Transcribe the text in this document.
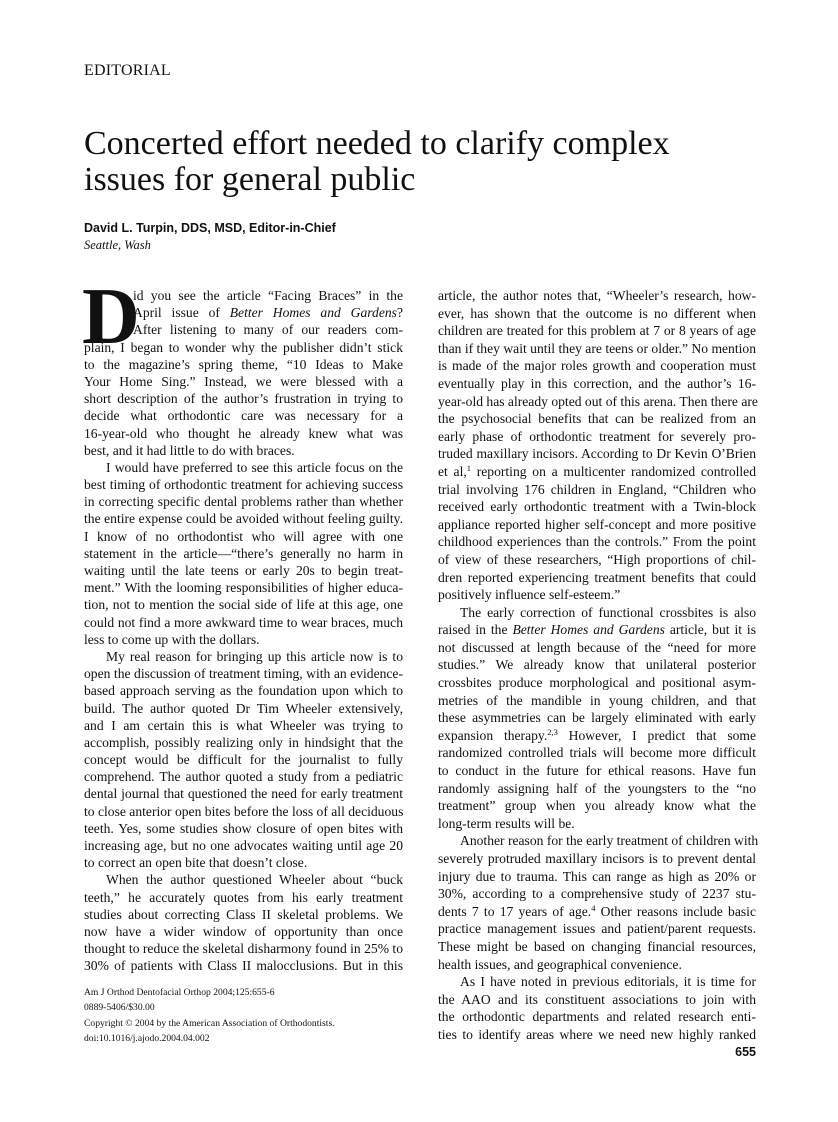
EDITORIAL
Concerted effort needed to clarify complex
issues for general public
David L. Turpin, DDS, MSD, Editor-in-Chief
Seattle, Wash
D
id you see the article “Facing Braces” in the
April issue of Better Homes and Gardens?
After listening to many of our readers com-
plain, I began to wonder why the publisher didn’t stick
to the magazine’s spring theme, “10 Ideas to Make
Your Home Sing.” Instead, we were blessed with a
short description of the author’s frustration in trying to
decide what orthodontic care was necessary for a
16-year-old who thought he already knew what was
best, and it had little to do with braces.
I would have preferred to see this article focus on the
best timing of orthodontic treatment for achieving success
in correcting specific dental problems rather than whether
the entire expense could be avoided without feeling guilty.
I know of no orthodontist who will agree with one
statement in the article—“there’s generally no harm in
waiting until the late teens or early 20s to begin treat-
ment.” With the looming responsibilities of higher educa-
tion, not to mention the social side of life at this age, one
could not find a more awkward time to wear braces, much
less to come up with the dollars.
My real reason for bringing up this article now is to
open the discussion of treatment timing, with an evidence-
based approach serving as the foundation upon which to
build. The author quoted Dr Tim Wheeler extensively,
and I am certain this is what Wheeler was trying to
accomplish, possibly realizing only in hindsight that the
concept would be difficult for the journalist to fully
comprehend. The author quoted a study from a pediatric
dental journal that questioned the need for early treatment
to close anterior open bites before the loss of all deciduous
teeth. Yes, some studies show closure of open bites with
increasing age, but no one advocates waiting until age 20
to correct an open bite that doesn’t close.
When the author questioned Wheeler about “buck
teeth,” he accurately quotes from his early treatment
studies about correcting Class II skeletal problems. We
now have a wider window of opportunity than once
thought to reduce the skeletal disharmony found in 25% to
30% of patients with Class II malocclusions. But in this
article, the author notes that, “Wheeler’s research, how-
ever, has shown that the outcome is no different when
children are treated for this problem at 7 or 8 years of age
than if they wait until they are teens or older.” No mention
is made of the major roles growth and cooperation must
eventually play in this correction, and the author’s 16-
year-old has already opted out of this arena. Then there are
the psychosocial benefits that can be realized from an
early phase of orthodontic treatment for severely pro-
truded maxillary incisors. According to Dr Kevin O’Brien
et al,$^1$ reporting on a multicenter randomized controlled
trial involving 176 children in England, “Children who
received early orthodontic treatment with a Twin-block
appliance reported higher self-concept and more positive
childhood experiences than the controls.” From the point
of view of these researchers, “High proportions of chil-
dren reported experiencing treatment benefits that could
positively influence self-esteem.”
The early correction of functional crossbites is also
raised in the Better Homes and Gardens article, but it is
not discussed at length because of the “need for more
studies.” We already know that unilateral posterior
crossbites produce morphological and positional asym-
metries of the mandible in young children, and that
these asymmetries can be largely eliminated with early
expansion therapy.$^{2,3}$ However, I predict that some
randomized controlled trials will become more difficult
to conduct in the future for ethical reasons. Have fun
randomly assigning half of the youngsters to the “no
treatment” group when you already know what the
long-term results will be.
Another reason for the early treatment of children with
severely protruded maxillary incisors is to prevent dental
injury due to trauma. This can range as high as 20% or
30%, according to a comprehensive study of 2237 stu-
dents 7 to 17 years of age.$^4$ Other reasons include basic
practice management issues and patient/parent requests.
These might be based on changing financial resources,
health issues, and geographical convenience.
As I have noted in previous editorials, it is time for
the AAO and its constituent associations to join with
the orthodontic departments and related research enti-
ties to identify areas where we need new highly ranked
Am J Orthod Dentofacial Orthop 2004;125:655-6
0889-5406/$30.00
Copyright © 2004 by the American Association of Orthodontists.
doi:10.1016/j.ajodo.2004.04.002
655
